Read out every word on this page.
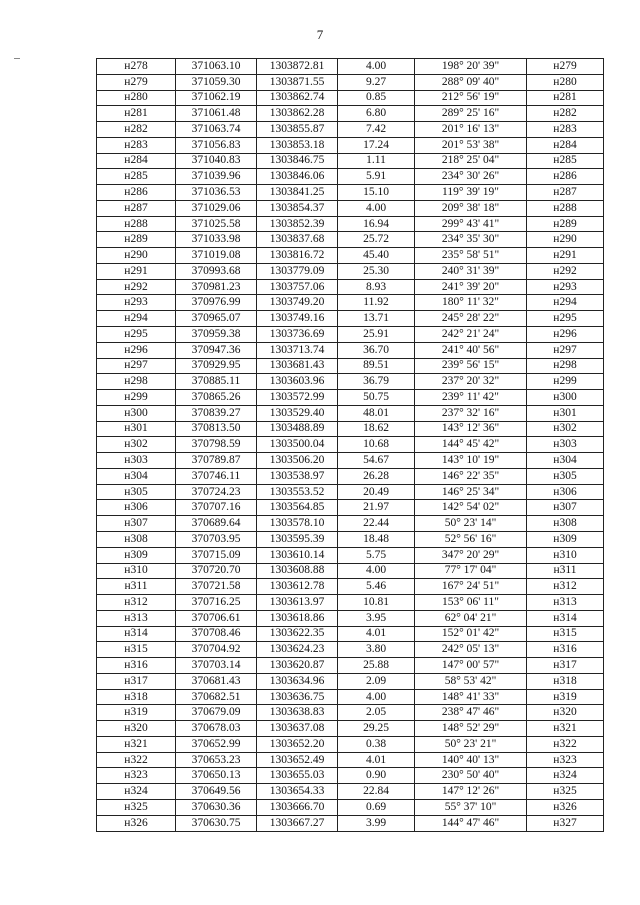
7
н278	371063.10	1303872.81	4.00	198° 20' 39"	н279
н279	371059.30	1303871.55	9.27	288° 09' 40"	н280
н280	371062.19	1303862.74	0.85	212° 56' 19"	н281
н281	371061.48	1303862.28	6.80	289° 25' 16"	н282
н282	371063.74	1303855.87	7.42	201° 16' 13"	н283
н283	371056.83	1303853.18	17.24	201° 53' 38"	н284
н284	371040.83	1303846.75	1.11	218° 25' 04"	н285
н285	371039.96	1303846.06	5.91	234° 30' 26"	н286
н286	371036.53	1303841.25	15.10	119° 39' 19"	н287
н287	371029.06	1303854.37	4.00	209° 38' 18"	н288
н288	371025.58	1303852.39	16.94	299° 43' 41"	н289
н289	371033.98	1303837.68	25.72	234° 35' 30"	н290
н290	371019.08	1303816.72	45.40	235° 58' 51"	н291
н291	370993.68	1303779.09	25.30	240° 31' 39"	н292
н292	370981.23	1303757.06	8.93	241° 39' 20"	н293
н293	370976.99	1303749.20	11.92	180° 11' 32"	н294
н294	370965.07	1303749.16	13.71	245° 28' 22"	н295
н295	370959.38	1303736.69	25.91	242° 21' 24"	н296
н296	370947.36	1303713.74	36.70	241° 40' 56"	н297
н297	370929.95	1303681.43	89.51	239° 56' 15"	н298
н298	370885.11	1303603.96	36.79	237° 20' 32"	н299
н299	370865.26	1303572.99	50.75	239° 11' 42"	н300
н300	370839.27	1303529.40	48.01	237° 32' 16"	н301
н301	370813.50	1303488.89	18.62	143° 12' 36"	н302
н302	370798.59	1303500.04	10.68	144° 45' 42"	н303
н303	370789.87	1303506.20	54.67	143° 10' 19"	н304
н304	370746.11	1303538.97	26.28	146° 22' 35"	н305
н305	370724.23	1303553.52	20.49	146° 25' 34"	н306
н306	370707.16	1303564.85	21.97	142° 54' 02"	н307
н307	370689.64	1303578.10	22.44	50° 23' 14"	н308
н308	370703.95	1303595.39	18.48	52° 56' 16"	н309
н309	370715.09	1303610.14	5.75	347° 20' 29"	н310
н310	370720.70	1303608.88	4.00	77° 17' 04"	н311
н311	370721.58	1303612.78	5.46	167° 24' 51"	н312
н312	370716.25	1303613.97	10.81	153° 06' 11"	н313
н313	370706.61	1303618.86	3.95	62° 04' 21"	н314
н314	370708.46	1303622.35	4.01	152° 01' 42"	н315
н315	370704.92	1303624.23	3.80	242° 05' 13"	н316
н316	370703.14	1303620.87	25.88	147° 00' 57"	н317
н317	370681.43	1303634.96	2.09	58° 53' 42"	н318
н318	370682.51	1303636.75	4.00	148° 41' 33"	н319
н319	370679.09	1303638.83	2.05	238° 47' 46"	н320
н320	370678.03	1303637.08	29.25	148° 52' 29"	н321
н321	370652.99	1303652.20	0.38	50° 23' 21"	н322
н322	370653.23	1303652.49	4.01	140° 40' 13"	н323
н323	370650.13	1303655.03	0.90	230° 50' 40"	н324
н324	370649.56	1303654.33	22.84	147° 12' 26"	н325
н325	370630.36	1303666.70	0.69	55° 37' 10"	н326
н326	370630.75	1303667.27	3.99	144° 47' 46"	н327
